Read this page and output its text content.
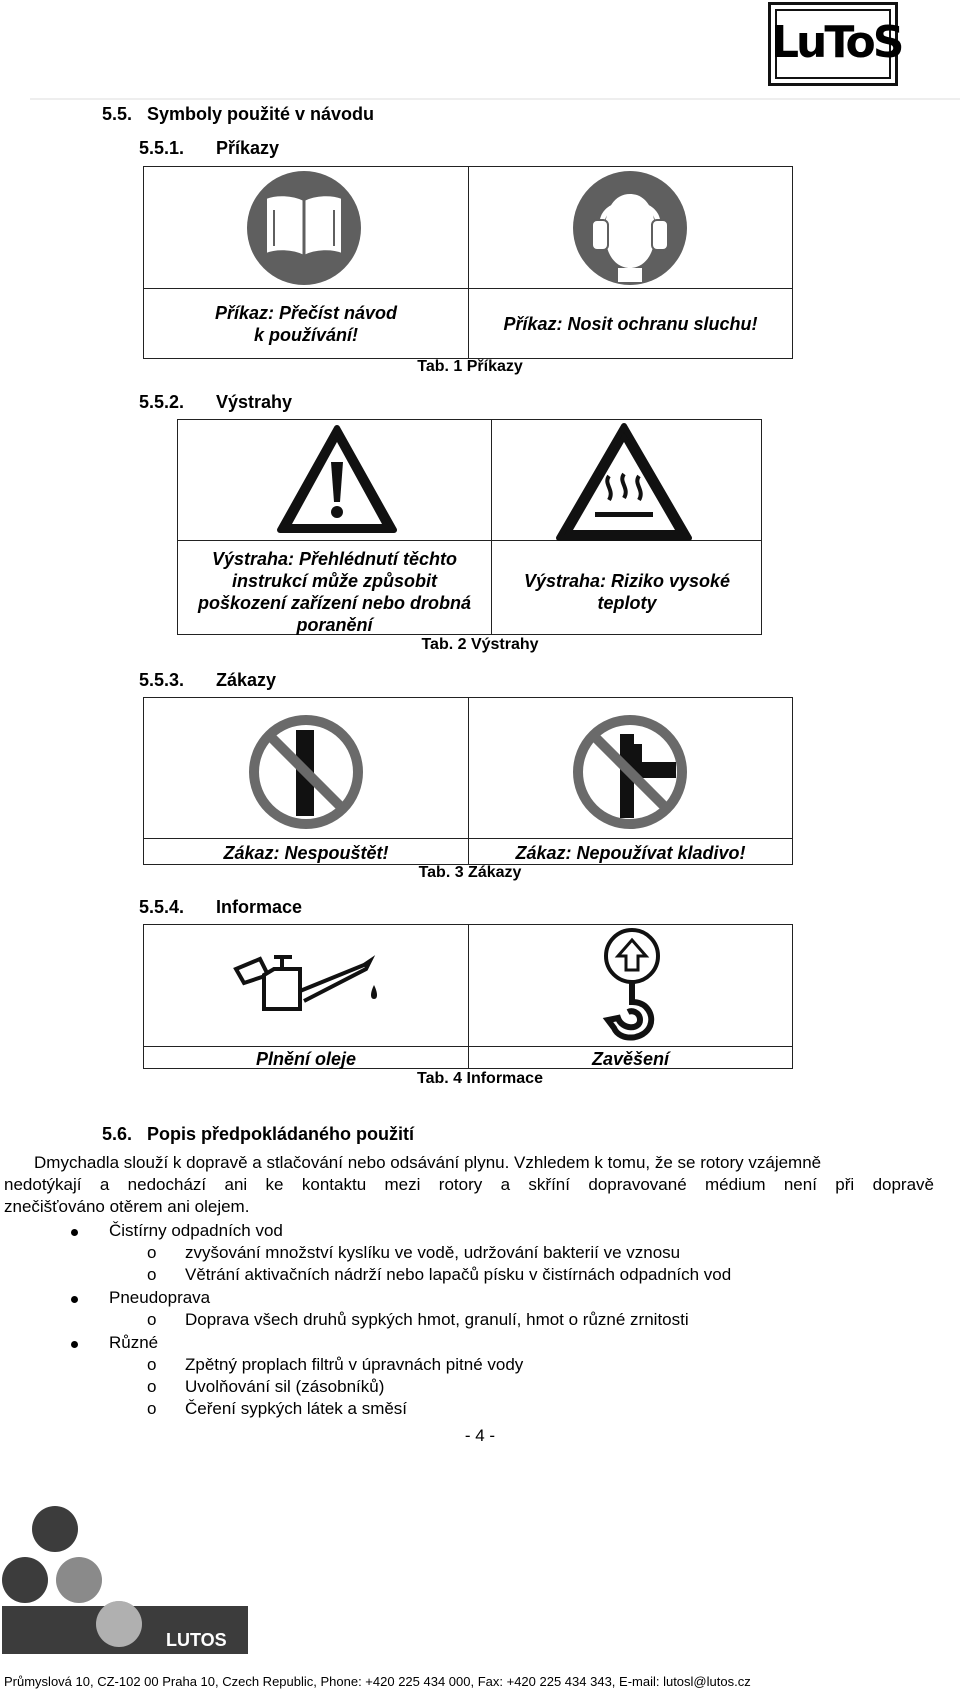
LuToS
5.5. Symboly použité v návodu
5.5.1. Příkazy
Příkaz: Přečíst návod
k používání!
Příkaz: Nosit ochranu sluchu!
Tab. 1 Příkazy
5.5.2. Výstrahy
Výstraha: Přehlédnutí těchto
instrukcí může způsobit
poškození zařízení nebo drobná
poranění
Výstraha: Riziko vysoké
teploty
Tab. 2 Výstrahy
5.5.3. Zákazy
Zákaz: Nespouštět!	Zákaz: Nepoužívat kladivo!
Tab. 3 Zákazy
5.5.4. Informace
Plnění oleje	Zavěšení
Tab. 4 Informace
5.6. Popis předpokládaného použití
Dmychadla slouží k dopravě a stlačování nebo odsávání plynu. Vzhledem k tomu, že se rotory vzájemně
nedotýkají a nedochází ani ke kontaktu mezi rotory a skříní dopravované médium není při dopravě
znečišťováno otěrem ani olejem.
Čistírny odpadních vod
o zvyšování množství kyslíku ve vodě, udržování bakterií ve vznosu
o Větrání aktivačních nádrží nebo lapačů písku v čistírnách odpadních vod
Pneudoprava
o Doprava všech druhů sypkých hmot, granulí, hmot o různé zrnitosti
Různé
o Zpětný proplach filtrů v úpravnách pitné vody
o Uvolňování sil (zásobníků)
o Čeření sypkých látek a směsí
- 4 -
LUTOS
Průmyslová 10, CZ-102 00 Praha 10, Czech Republic, Phone: +420 225 434 000, Fax: +420 225 434 343, E-mail: lutosl@lutos.cz
